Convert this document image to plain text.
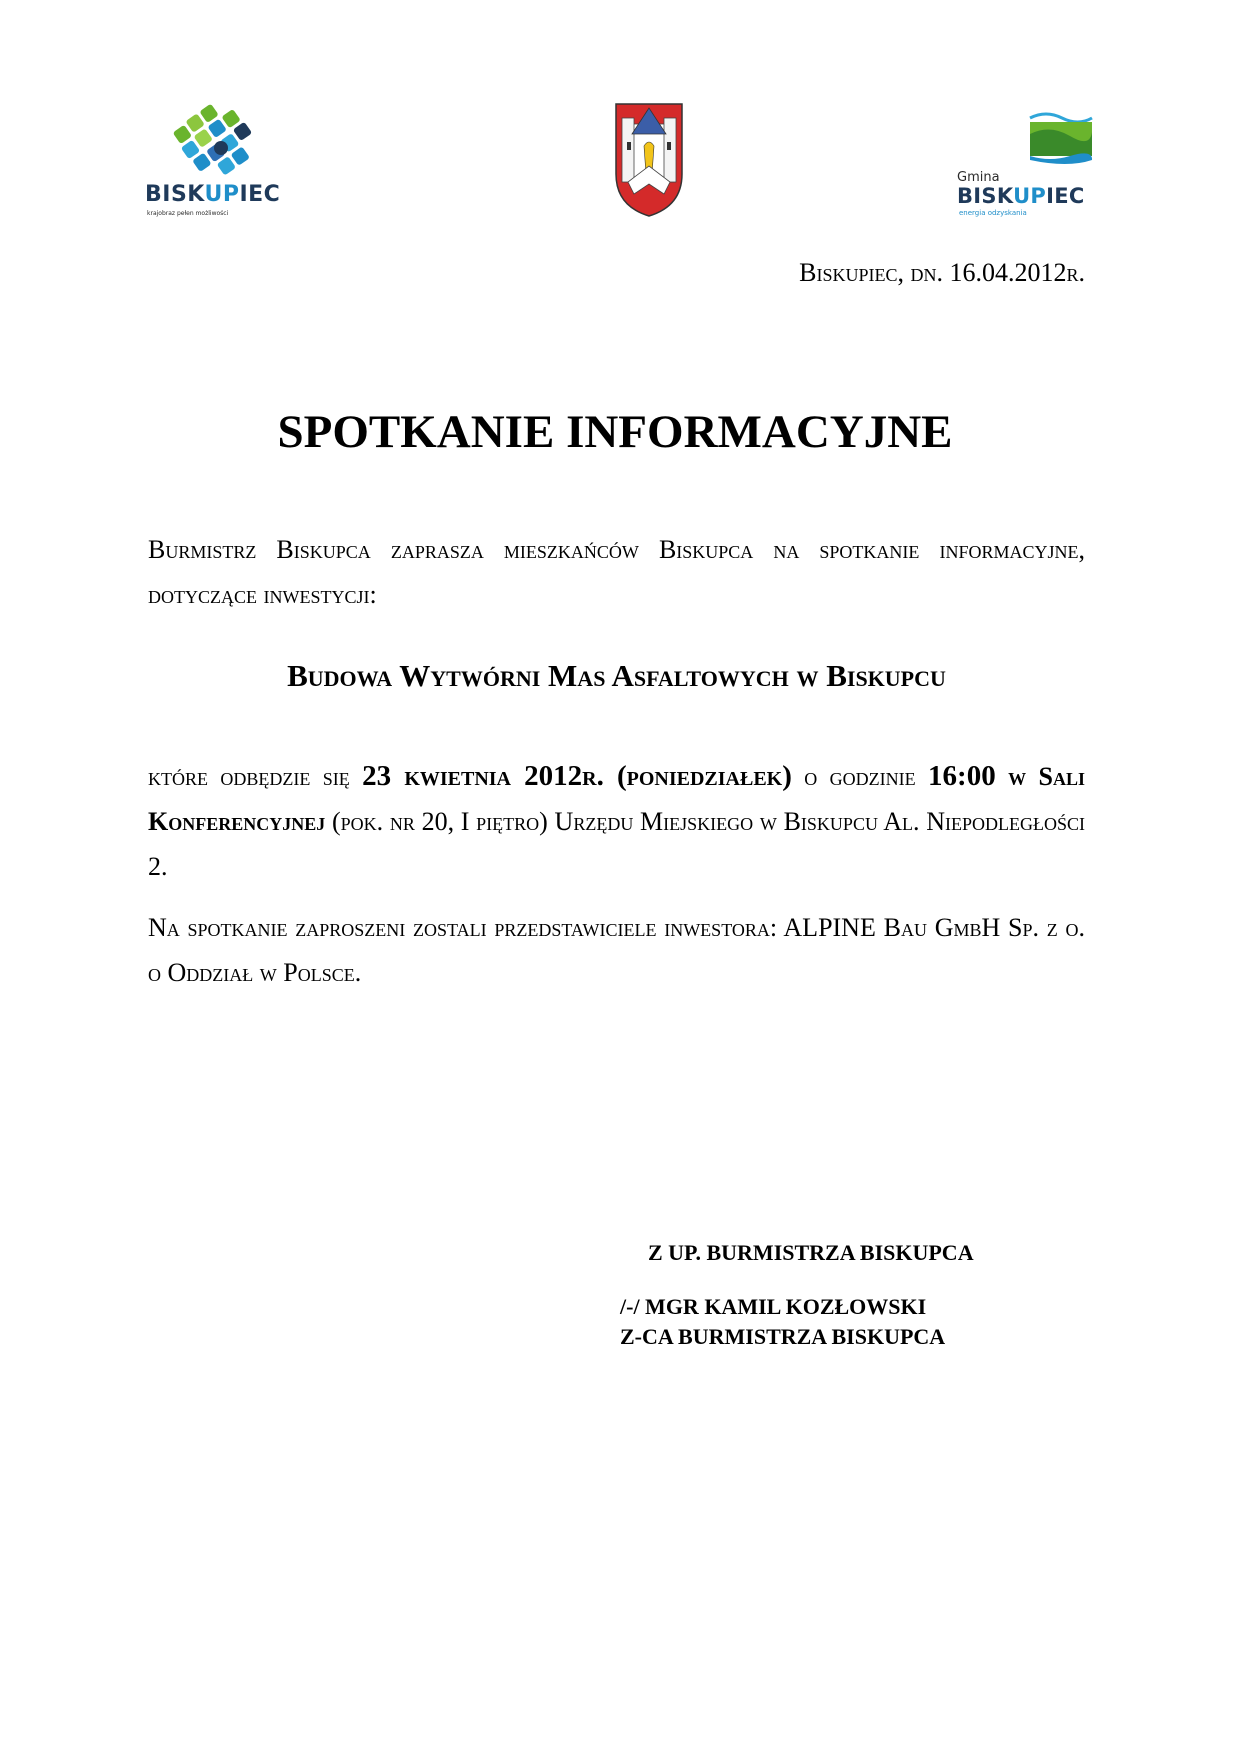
BISKUPIEC
krajobraz pełen możliwości
Gmina
BISKUPIEC
energia odzyskania
Biskupiec, dn. 16.04.2012r.
SPOTKANIE INFORMACYJNE
Burmistrz Biskupca zaprasza mieszkańców Biskupca na spotkanie informacyjne, dotyczące inwestycji:
Budowa Wytwórni Mas Asfaltowych w Biskupcu
które odbędzie się 23 kwietnia 2012r. (poniedziałek) o godzinie 16:00 w Sali Konferencyjnej (pok. nr 20, I piętro) Urzędu Miejskiego w Biskupcu Al. Niepodległości 2.
Na spotkanie zaproszeni zostali przedstawiciele inwestora: ALPINE Bau GmbH Sp. z o. o Oddział w Polsce.
Z UP. BURMISTRZA BISKUPCA
/-/ MGR KAMIL KOZŁOWSKI
Z-CA BURMISTRZA BISKUPCA
